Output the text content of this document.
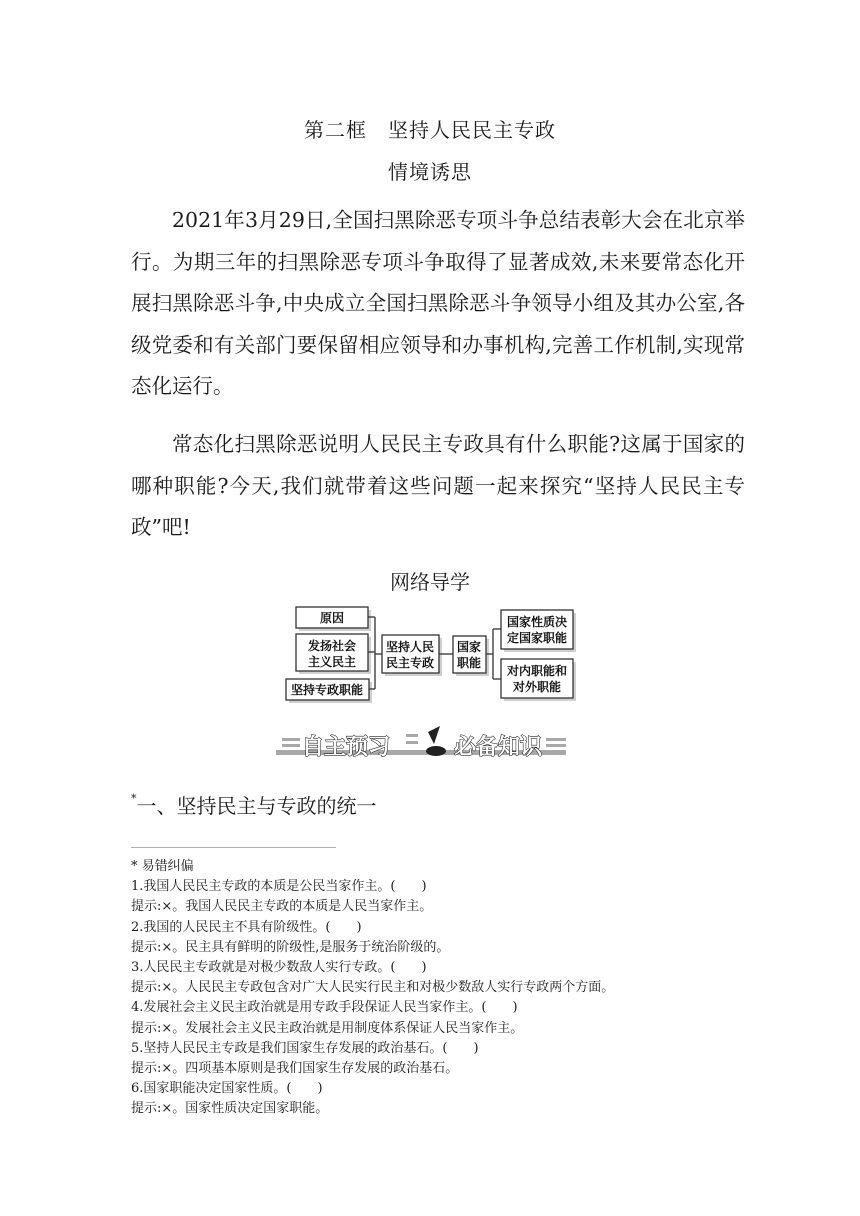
第二框　坚持人民民主专政
情境诱思

2021年3月29日,全国扫黑除恶专项斗争总结表彰大会在北京举行。为期三年的扫黑除恶专项斗争取得了显著成效,未来要常态化开展扫黑除恶斗争,中央成立全国扫黑除恶斗争领导小组及其办公室,各级党委和有关部门要保留相应领导和办事机构,完善工作机制,实现常态化运行。

常态化扫黑除恶说明人民民主专政具有什么职能?这属于国家的哪种职能?今天,我们就带着这些问题一起来探究“坚持人民民主专政”吧!

网络导学
原因
发扬社会主义民主
坚持专政职能
坚持人民民主专政
国家职能
国家性质决定国家职能
对内职能和对外职能
自主预习	必备知识
*一、坚持民主与专政的统一
* 易错纠偏
1.我国人民民主专政的本质是公民当家作主。(　　)
提示:×。我国人民民主专政的本质是人民当家作主。
2.我国的人民民主不具有阶级性。(　　)
提示:×。民主具有鲜明的阶级性,是服务于统治阶级的。
3.人民民主专政就是对极少数敌人实行专政。(　　)
提示:×。人民民主专政包含对广大人民实行民主和对极少数敌人实行专政两个方面。
4.发展社会主义民主政治就是用专政手段保证人民当家作主。(　　)
提示:×。发展社会主义民主政治就是用制度体系保证人民当家作主。
5.坚持人民民主专政是我们国家生存发展的政治基石。(　　)
提示:×。四项基本原则是我们国家生存发展的政治基石。
6.国家职能决定国家性质。(　　)
提示:×。国家性质决定国家职能。
